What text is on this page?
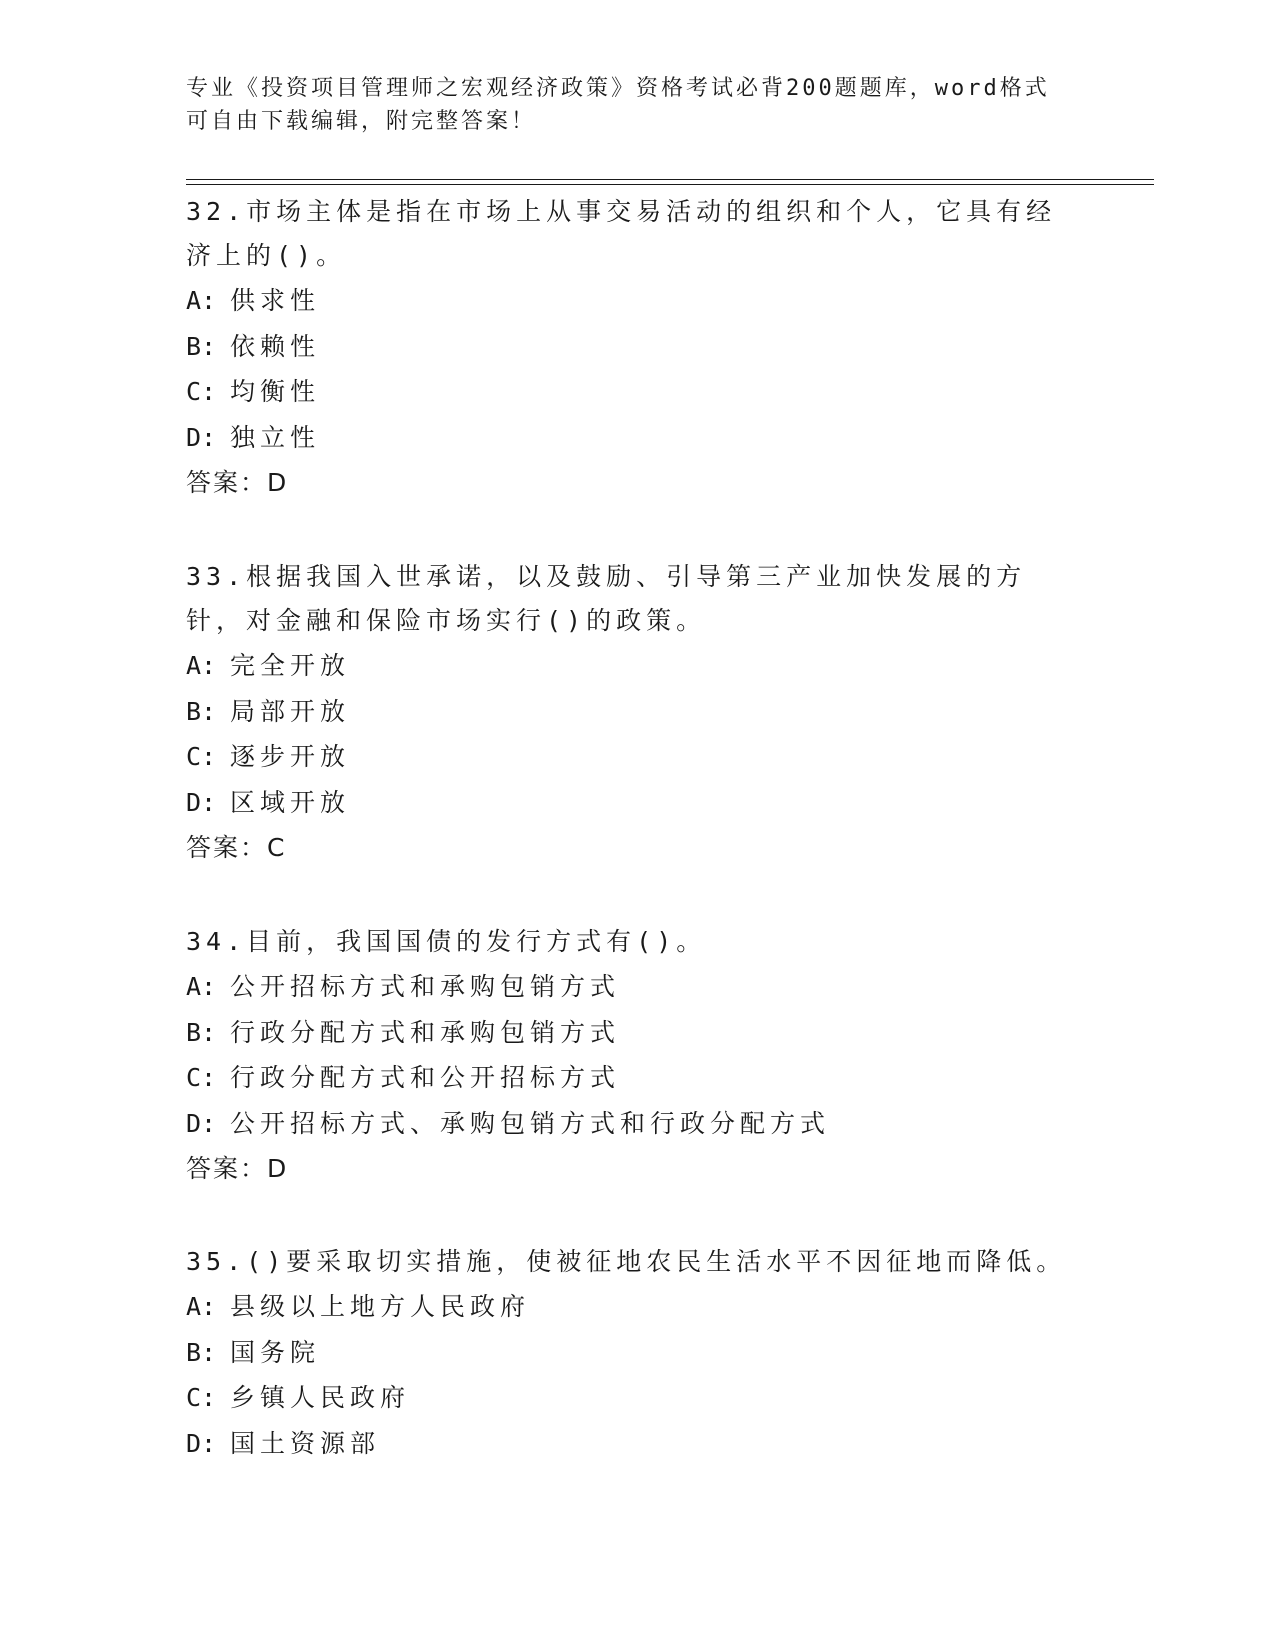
专业《投资项目管理师之宏观经济政策》资格考试必背200题题库，word格式可自由下载编辑，附完整答案！

32.市场主体是指在市场上从事交易活动的组织和个人，它具有经济上的()。

A: 供求性

B: 依赖性

C: 均衡性

D: 独立性

答案：D

33.根据我国入世承诺，以及鼓励、引导第三产业加快发展的方针，对金融和保险市场实行()的政策。

A: 完全开放

B: 局部开放

C: 逐步开放

D: 区域开放

答案：C

34.目前，我国国债的发行方式有()。

A: 公开招标方式和承购包销方式

B: 行政分配方式和承购包销方式

C: 行政分配方式和公开招标方式

D: 公开招标方式、承购包销方式和行政分配方式

答案：D

35.()要采取切实措施，使被征地农民生活水平不因征地而降低。

A: 县级以上地方人民政府

B: 国务院

C: 乡镇人民政府

D: 国土资源部
